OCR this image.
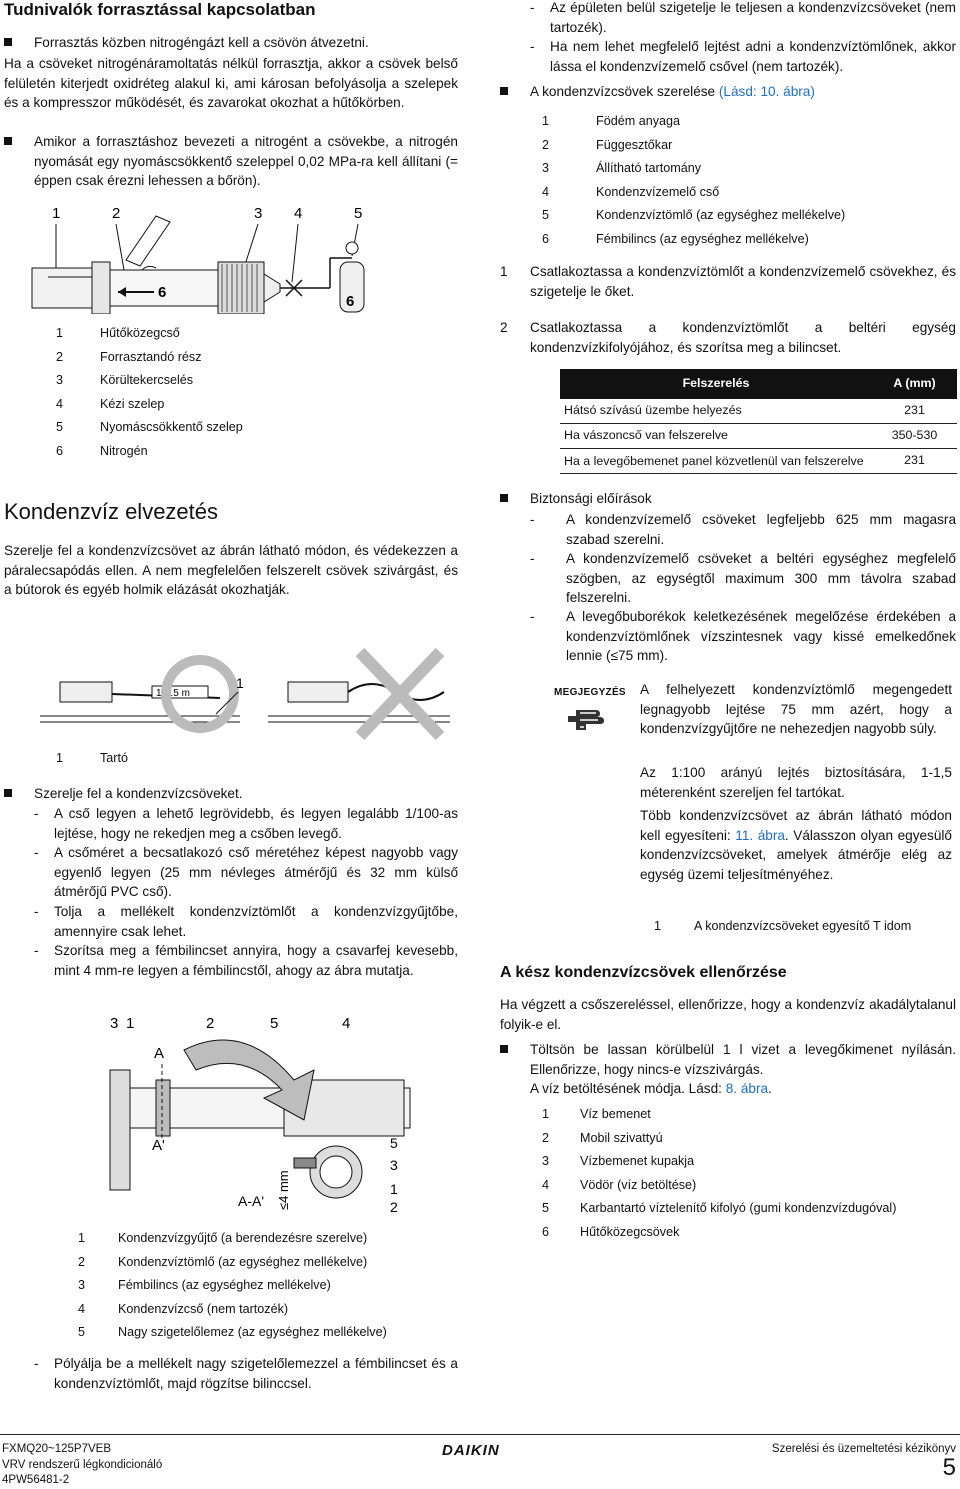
Tudnivalók forrasztással kapcsolatban
Forrasztás közben nitrogéngázt kell a csövön átvezetni.
Ha a csöveket nitrogénáramoltatás nélkül forrasztja, akkor a csövek belső felületén kiterjedt oxidréteg alakul ki, ami károsan befolyásolja a szelepek és a kompresszor működését, és zavarokat okozhat a hűtőkörben.
Amikor a forrasztáshoz bevezeti a nitrogént a csövekbe, a nitrogén nyomását egy nyomáscsökkentő szeleppel 0,02 MPa-ra kell állítani (= éppen csak érezni lehessen a bőrön).
1	2	3 4	5
6
6
1	Hűtőközegcső
2	Forrasztandó rész
3	Körültekercselés
4	Kézi szelep
5	Nyomáscsökkentő szelep
6	Nitrogén
Kondenzvíz elvezetés
Szerelje fel a kondenzvízcsövet az ábrán látható módon, és védekezzen a páralecsapódás ellen. A nem megfelelően felszerelt csövek szivárgást, és a bútorok és egyéb holmik elázását okozhatják.
1-1.5 m
1
1	Tartó
Szerelje fel a kondenzvízcsöveket.
- A cső legyen a lehető legrövidebb, és legyen legalább 1/100-as lejtése, hogy ne rekedjen meg a csőben levegő.
- A csőméret a becsatlakozó cső méretéhez képest nagyobb vagy egyenlő legyen (25 mm névleges átmérőjű és 32 mm külső átmérőjű PVC cső).
- Tolja a mellékelt kondenzvíztömlőt a kondenzvízgyűjtőbe, amennyire csak lehet.
- Szorítsa meg a fémbilincset annyira, hogy a csavarfej kevesebb, mint 4 mm-re legyen a fémbilincstől, ahogy az ábra mutatja.
3 1	2	5	4
A
A'
A-A' ≤4 mm
5
3
1
2
1	Kondenzvízgyűjtő (a berendezésre szerelve)
2	Kondenzvíztömlő (az egységhez mellékelve)
3	Fémbilincs (az egységhez mellékelve)
4	Kondenzvízcső (nem tartozék)
5	Nagy szigetelőlemez (az egységhez mellékelve)
- Pólyálja be a mellékelt nagy szigetelőlemezzel a fémbilincset és a kondenzvíztömlőt, majd rögzítse bilinccsel.
- Az épületen belül szigetelje le teljesen a kondenzvízcsöveket (nem tartozék).
- Ha nem lehet megfelelő lejtést adni a kondenzvíztömlőnek, akkor lássa el kondenzvízemelő csővel (nem tartozék).
A kondenzvízcsövek szerelése (Lásd: 10. ábra)
1	Födém anyaga
2	Függesztőkar
3	Állítható tartomány
4	Kondenzvízemelő cső
5	Kondenzvíztömlő (az egységhez mellékelve)
6	Fémbilincs (az egységhez mellékelve)
1 Csatlakoztassa a kondenzvíztömlőt a kondenzvízemelő csövekhez, és szigetelje le őket.
2 Csatlakoztassa a kondenzvíztömlőt a beltéri egység kondenzvízkifolyójához, és szorítsa meg a bilincset.
Felszerelés	A (mm)
Hátsó szívású üzembe helyezés	231
Ha vászoncső van felszerelve	350-530
Ha a levegőbemenet panel közvetlenül van felszerelve	231
Biztonsági előírások
- A kondenzvízemelő csöveket legfeljebb 625 mm magasra szabad szerelni.
- A kondenzvízemelő csöveket a beltéri egységhez megfelelő szögben, az egységtől maximum 300 mm távolra szabad felszerelni.
- A levegőbuborékok keletkezésének megelőzése érdekében a kondenzvíztömlőnek vízszintesnek vagy kissé emelkedőnek lennie (≤75 mm).
MEGJEGYZÉS A felhelyezett kondenzvíztömlő megengedett legnagyobb lejtése 75 mm azért, hogy a kondenzvízgyűjtőre ne nehezedjen nagyobb súly.
Az 1:100 arányú lejtés biztosítására, 1-1,5 méterenként szereljen fel tartókat.
Több kondenzvízcsövet az ábrán látható módon kell egyesíteni: 11. ábra. Válasszon olyan egyesülő kondenzvízcsöveket, amelyek átmérője elég az egység üzemi teljesítményéhez.
1	A kondenzvízcsöveket egyesítő T idom
A kész kondenzvízcsövek ellenőrzése
Ha végzett a csőszereléssel, ellenőrizze, hogy a kondenzvíz akadálytalanul folyik-e el.
Töltsön be lassan körülbelül 1 l vizet a levegőkimenet nyílásán. Ellenőrizze, hogy nincs-e vízszivárgás.
A víz betöltésének módja. Lásd: 8. ábra.
1 Víz bemenet
2 Mobil szivattyú
3 Vízbemenet kupakja
4 Vödör (víz betöltése)
5 Karbantartó víztelenítő kifolyó (gumi kondenzvízdugóval)
6 Hűtőközegcsövek
FXMQ20~125P7VEB
VRV rendszerű légkondicionáló
4PW56481-2
DAIKIN	Szerelési és üzemeltetési kézikönyv
5
